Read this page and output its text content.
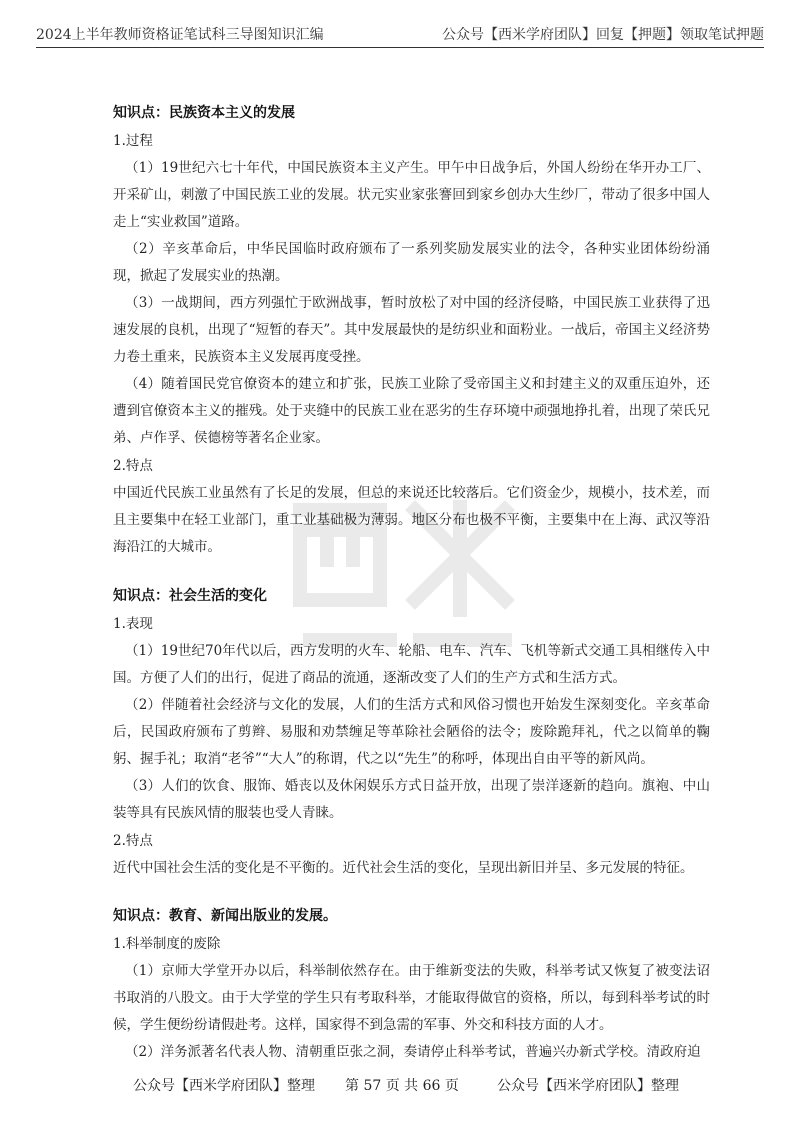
2024上半年教师资格证笔试科三导图知识汇编	公众号【西米学府团队】回复【押题】领取笔试押题

知识点：民族资本主义的发展

1.过程

（1）19世纪六七十年代，中国民族资本主义产生。甲午中日战争后，外国人纷纷在华开办工厂、开采矿山，刺激了中国民族工业的发展。状元实业家张謇回到家乡创办大生纱厂，带动了很多中国人走上“实业救国”道路。

（2）辛亥革命后，中华民国临时政府颁布了一系列奖励发展实业的法令，各种实业团体纷纷涌现，掀起了发展实业的热潮。

（3）一战期间，西方列强忙于欧洲战事，暂时放松了对中国的经济侵略，中国民族工业获得了迅速发展的良机，出现了“短暂的春天”。其中发展最快的是纺织业和面粉业。一战后，帝国主义经济势力卷土重来，民族资本主义发展再度受挫。

（4）随着国民党官僚资本的建立和扩张，民族工业除了受帝国主义和封建主义的双重压迫外，还遭到官僚资本主义的摧残。处于夹缝中的民族工业在恶劣的生存环境中顽强地挣扎着，出现了荣氏兄弟、卢作孚、侯德榜等著名企业家。

2.特点

中国近代民族工业虽然有了长足的发展，但总的来说还比较落后。它们资金少，规模小，技术差，而且主要集中在轻工业部门，重工业基础极为薄弱。地区分布也极不平衡，主要集中在上海、武汉等沿海沿江的大城市。

知识点：社会生活的变化

1.表现

（1）19世纪70年代以后，西方发明的火车、轮船、电车、汽车、飞机等新式交通工具相继传入中国。方便了人们的出行，促进了商品的流通，逐渐改变了人们的生产方式和生活方式。

（2）伴随着社会经济与文化的发展，人们的生活方式和风俗习惯也开始发生深刻变化。辛亥革命后，民国政府颁布了剪辫、易服和劝禁缠足等革除社会陋俗的法令；废除跪拜礼，代之以简单的鞠躬、握手礼；取消“老爷”“大人”的称谓，代之以“先生”的称呼，体现出自由平等的新风尚。

（3）人们的饮食、服饰、婚丧以及休闲娱乐方式日益开放，出现了崇洋逐新的趋向。旗袍、中山装等具有民族风情的服装也受人青睐。

2.特点

近代中国社会生活的变化是不平衡的。近代社会生活的变化，呈现出新旧并呈、多元发展的特征。

知识点：教育、新闻出版业的发展。

1.科举制度的废除

（1）京师大学堂开办以后，科举制依然存在。由于维新变法的失败，科举考试又恢复了被变法诏书取消的八股文。由于大学堂的学生只有考取科举，才能取得做官的资格，所以，每到科举考试的时候，学生便纷纷请假赴考。这样，国家得不到急需的军事、外交和科技方面的人才。

（2）洋务派著名代表人物、清朝重臣张之洞，奏请停止科举考试，普遍兴办新式学校。清政府迫

公众号【西米学府团队】整理 第 57 页 共 66 页	公众号【西米学府团队】整理
